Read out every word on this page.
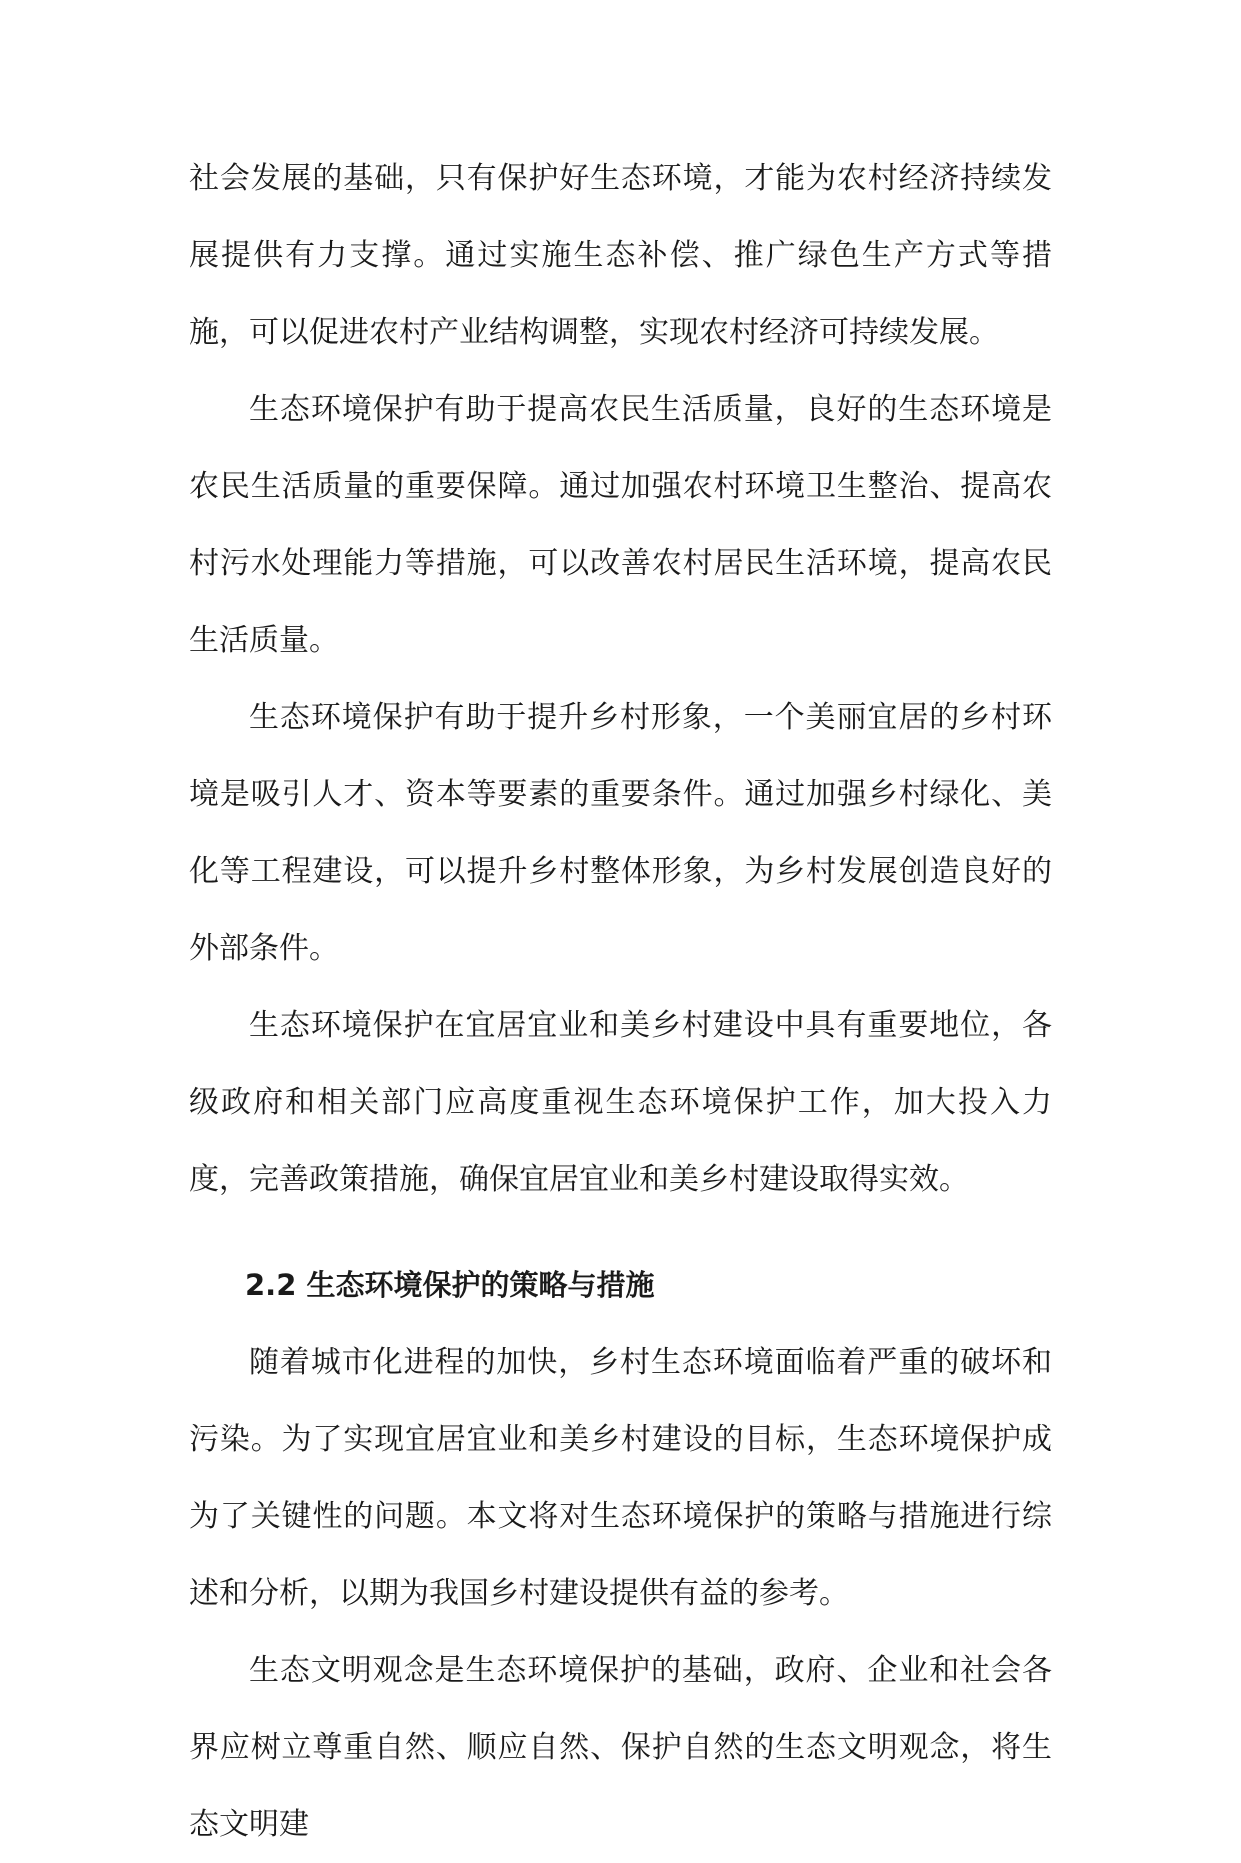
社会发展的基础，只有保护好生态环境，才能为农村经济持续发展提供有力支撑。通过实施生态补偿、推广绿色生产方式等措施，可以促进农村产业结构调整，实现农村经济可持续发展。

生态环境保护有助于提高农民生活质量，良好的生态环境是农民生活质量的重要保障。通过加强农村环境卫生整治、提高农村污水处理能力等措施，可以改善农村居民生活环境，提高农民生活质量。

生态环境保护有助于提升乡村形象，一个美丽宜居的乡村环境是吸引人才、资本等要素的重要条件。通过加强乡村绿化、美化等工程建设，可以提升乡村整体形象，为乡村发展创造良好的外部条件。

生态环境保护在宜居宜业和美乡村建设中具有重要地位，各级政府和相关部门应高度重视生态环境保护工作，加大投入力度，完善政策措施，确保宜居宜业和美乡村建设取得实效。

2.2 生态环境保护的策略与措施

随着城市化进程的加快，乡村生态环境面临着严重的破坏和污染。为了实现宜居宜业和美乡村建设的目标，生态环境保护成为了关键性的问题。本文将对生态环境保护的策略与措施进行综述和分析，以期为我国乡村建设提供有益的参考。

生态文明观念是生态环境保护的基础，政府、企业和社会各界应树立尊重自然、顺应自然、保护自然的生态文明观念，将生态文明建
